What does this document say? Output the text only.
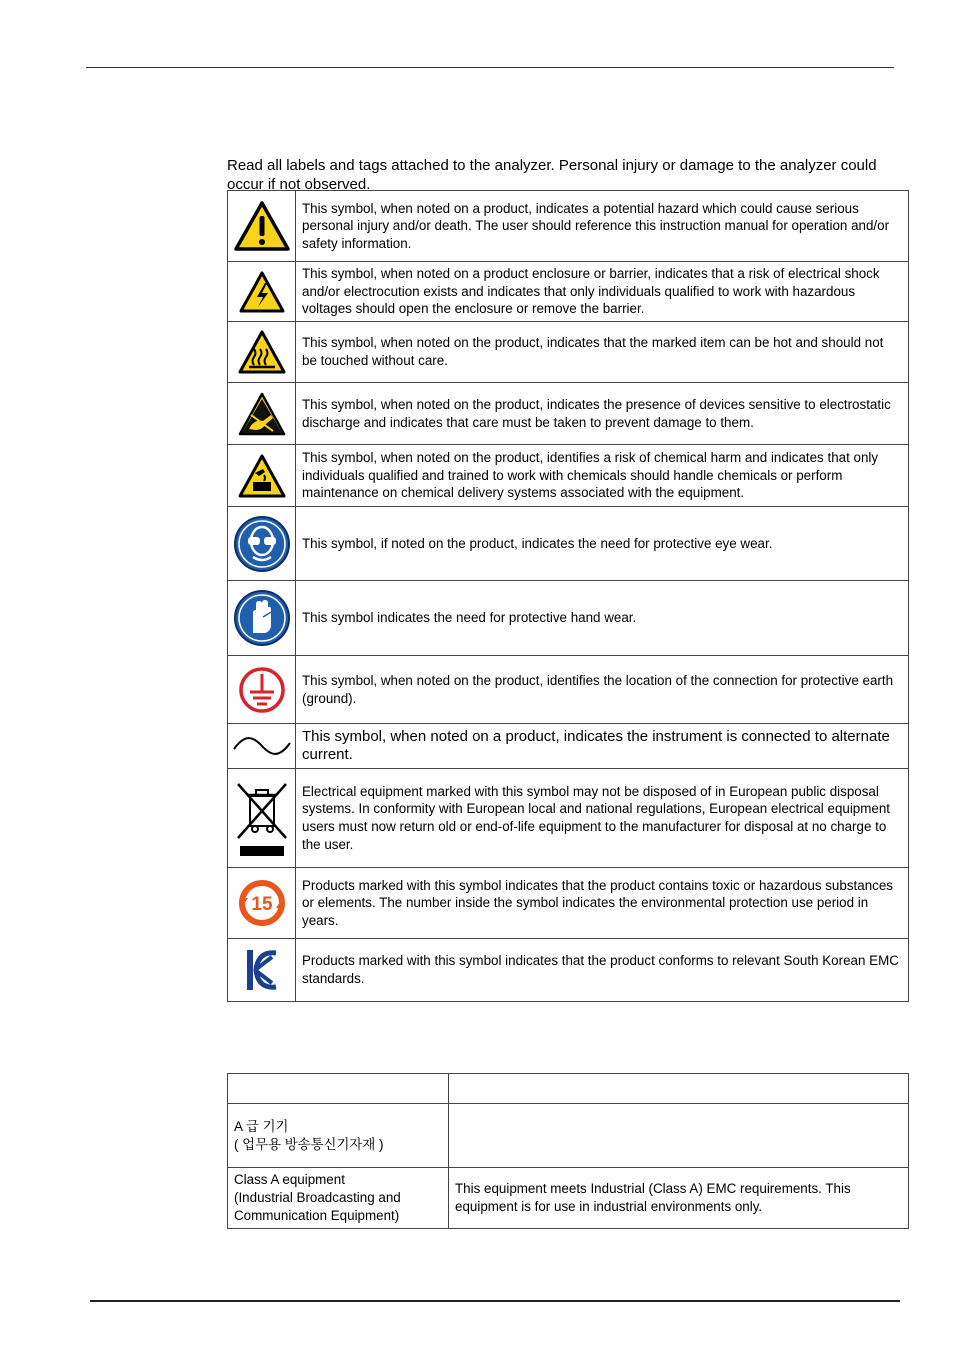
Read all labels and tags attached to the analyzer. Personal injury or damage to the analyzer could occur if not observed.

	This symbol, when noted on a product, indicates a potential hazard which could cause serious personal injury and/or death. The user should reference this instruction manual for operation and/or safety information.

	This symbol, when noted on a product enclosure or barrier, indicates that a risk of electrical shock and/or electrocution exists and indicates that only individuals qualified to work with hazardous voltages should open the enclosure or remove the barrier.

	This symbol, when noted on the product, indicates that the marked item can be hot and should not be touched without care.

	This symbol, when noted on the product, indicates the presence of devices sensitive to electrostatic discharge and indicates that care must be taken to prevent damage to them.

	This symbol, when noted on the product, identifies a risk of chemical harm and indicates that only individuals qualified and trained to work with chemicals should handle chemicals or perform maintenance on chemical delivery systems associated with the equipment.

	This symbol, if noted on the product, indicates the need for protective eye wear.

	This symbol indicates the need for protective hand wear.

	This symbol, when noted on the product, identifies the location of the connection for protective earth (ground).

	This symbol, when noted on a product, indicates the instrument is connected to alternate current.

	Electrical equipment marked with this symbol may not be disposed of in European public disposal systems. In conformity with European local and national regulations, European electrical equipment users must now return old or end-of-life equipment to the manufacturer for disposal at no charge to the user.

15	Products marked with this symbol indicates that the product contains toxic or hazardous substances or elements. The number inside the symbol indicates the environmental protection use period in years.

	Products marked with this symbol indicates that the product conforms to relevant South Korean EMC standards.

A 급 기기
( 업무용 방송통신기자재 )	

Class A equipment
(Industrial Broadcasting and
Communication Equipment)	This equipment meets Industrial (Class A) EMC requirements. This equipment is for use in industrial environments only.
